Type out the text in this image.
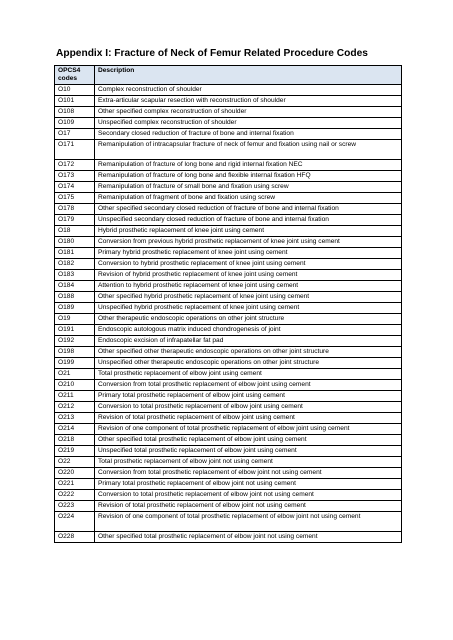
Appendix I: Fracture of Neck of Femur Related Procedure Codes
OPCS4 codes	Description
O10	Complex reconstruction of shoulder
O101	Extra-articular scapular resection with reconstruction of shoulder
O108	Other specified complex reconstruction of shoulder
O109	Unspecified complex reconstruction of shoulder
O17	Secondary closed reduction of fracture of bone and internal fixation
O171	Remanipulation of intracapsular fracture of neck of femur and fixation using nail or screw
O172	Remanipulation of fracture of long bone and rigid internal fixation NEC
O173	Remanipulation of fracture of long bone and flexible internal fixation HFQ
O174	Remanipulation of fracture of small bone and fixation using screw
O175	Remanipulation of fragment of bone and fixation using screw
O178	Other specified secondary closed reduction of fracture of bone and internal fixation
O179	Unspecified secondary closed reduction of fracture of bone and internal fixation
O18	Hybrid prosthetic replacement of knee joint using cement
O180	Conversion from previous hybrid prosthetic replacement of knee joint using cement
O181	Primary hybrid prosthetic replacement of knee joint using cement
O182	Conversion to hybrid prosthetic replacement of knee joint using cement
O183	Revision of hybrid prosthetic replacement of knee joint using cement
O184	Attention to hybrid prosthetic replacement of knee joint using cement
O188	Other specified hybrid prosthetic replacement of knee joint using cement
O189	Unspecified hybrid prosthetic replacement of knee joint using cement
O19	Other therapeutic endoscopic operations on other joint structure
O191	Endoscopic autologous matrix induced chondrogenesis of joint
O192	Endoscopic excision of infrapatellar fat pad
O198	Other specified other therapeutic endoscopic operations on other joint structure
O199	Unspecified other therapeutic endoscopic operations on other joint structure
O21	Total prosthetic replacement of elbow joint using cement
O210	Conversion from total prosthetic replacement of elbow joint using cement
O211	Primary total prosthetic replacement of elbow joint using cement
O212	Conversion to total prosthetic replacement of elbow joint using cement
O213	Revision of total prosthetic replacement of elbow joint using cement
O214	Revision of one component of total prosthetic replacement of elbow joint using cement
O218	Other specified total prosthetic replacement of elbow joint using cement
O219	Unspecified total prosthetic replacement of elbow joint using cement
O22	Total prosthetic replacement of elbow joint not using cement
O220	Conversion from total prosthetic replacement of elbow joint not using cement
O221	Primary total prosthetic replacement of elbow joint not using cement
O222	Conversion to total prosthetic replacement of elbow joint not using cement
O223	Revision of total prosthetic replacement of elbow joint not using cement
O224	Revision of one component of total prosthetic replacement of elbow joint not using cement
O228	Other specified total prosthetic replacement of elbow joint not using cement
